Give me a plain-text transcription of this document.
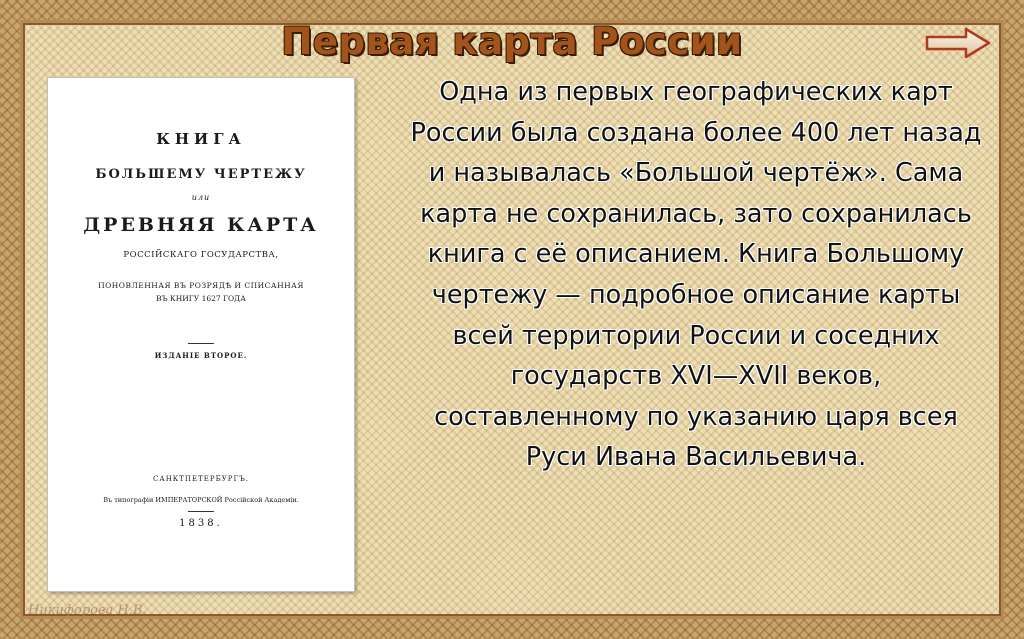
Первая карта России
КНИГА
БОЛЬШЕМУ ЧЕРТЕЖУ
или
ДРЕВНЯЯ КАРТА
РОССІЙСКАГО ГОСУДАРСТВА,
ПОНОВЛЕННАЯ ВЪ РОЗРЯДѢ И СПИСАННАЯ
ВЪ КНИГУ 1627 ГОДА
ИЗДАНІЕ ВТОРОЕ.
САНКТПЕТЕРБУРГЪ.
Въ типографіи ИМПЕРАТОРСКОЙ Россійской Академіи.
1838.
Одна из первых географических карт России была создана более 400 лет назад и называлась «Большой чертёж». Сама карта не сохранилась, зато сохранилась книга с её описанием. Книга Большому чертежу — подробное описание карты всей территории России и соседних государств XVI—XVII веков, составленному по указанию царя всея Руси Ивана Васильевича.
Никифорова Н.В.
